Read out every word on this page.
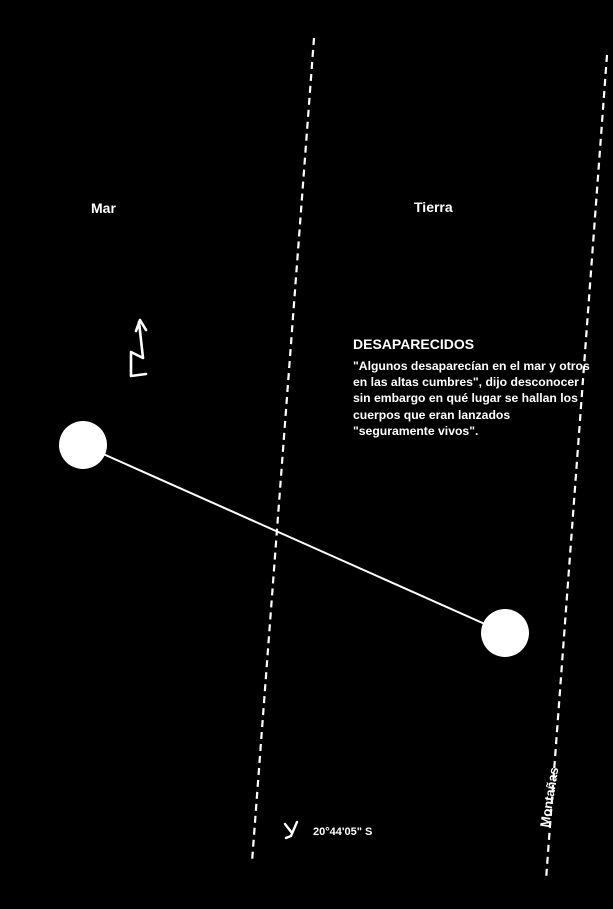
Mar	Tierra
DESAPARECIDOS
"Algunos desaparecían en el mar y otros en las altas cumbres", dijo desconocer sin embargo en qué lugar se hallan los cuerpos que eran lanzados "seguramente vivos".
20°44'05" S
Montañas
